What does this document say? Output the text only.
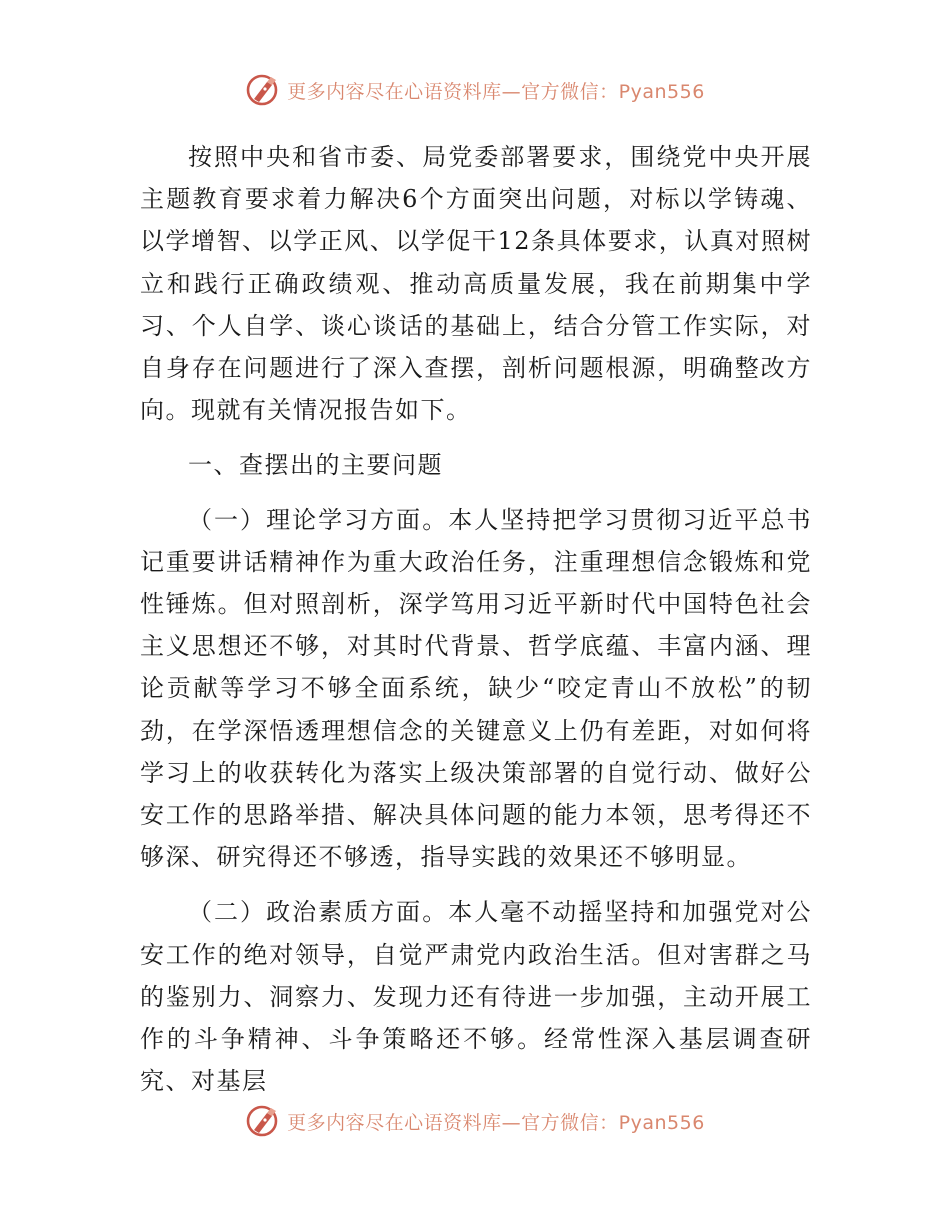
更多内容尽在心语资料库—官方微信：Pyan556

按照中央和省市委、局党委部署要求，围绕党中央开展主题教育要求着力解决6个方面突出问题，对标以学铸魂、以学增智、以学正风、以学促干12条具体要求，认真对照树立和践行正确政绩观、推动高质量发展，我在前期集中学习、个人自学、谈心谈话的基础上，结合分管工作实际，对自身存在问题进行了深入查摆，剖析问题根源，明确整改方向。现就有关情况报告如下。

一、查摆出的主要问题

（一）理论学习方面。本人坚持把学习贯彻习近平总书记重要讲话精神作为重大政治任务，注重理想信念锻炼和党性锤炼。但对照剖析，深学笃用习近平新时代中国特色社会主义思想还不够，对其时代背景、哲学底蕴、丰富内涵、理论贡献等学习不够全面系统，缺少“咬定青山不放松”的韧劲，在学深悟透理想信念的关键意义上仍有差距，对如何将学习上的收获转化为落实上级决策部署的自觉行动、做好公安工作的思路举措、解决具体问题的能力本领，思考得还不够深、研究得还不够透，指导实践的效果还不够明显。

（二）政治素质方面。本人毫不动摇坚持和加强党对公安工作的绝对领导，自觉严肃党内政治生活。但对害群之马的鉴别力、洞察力、发现力还有待进一步加强，主动开展工作的斗争精神、斗争策略还不够。经常性深入基层调查研究、对基层

更多内容尽在心语资料库—官方微信：Pyan556
